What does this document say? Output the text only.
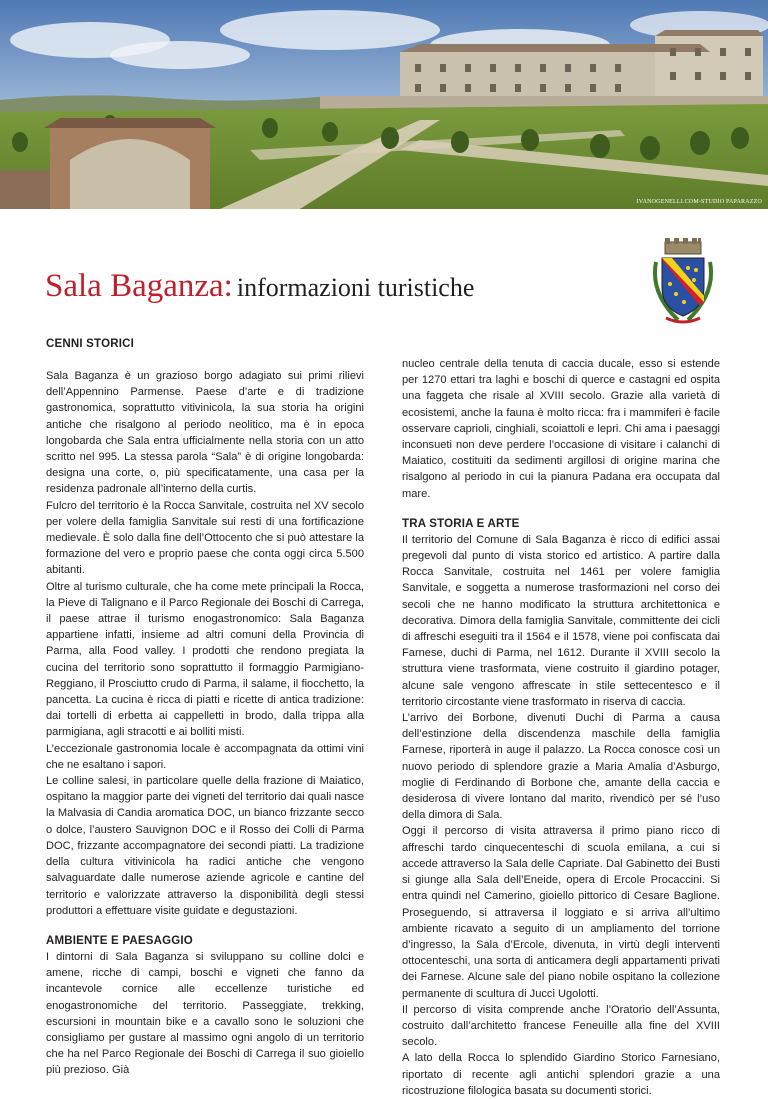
IVANOGENELLI.COM-STUDIO PAPARAZZO
Sala Baganza: informazioni turistiche
CENNI STORICI

Sala Baganza è un grazioso borgo adagiato sui primi rilievi dell’Appennino Parmense. Paese d’arte e di tradizione gastronomica, soprattutto vitivinicola, la sua storia ha origini antiche che risalgono al periodo neolitico, ma è in epoca longobarda che Sala entra ufficialmente nella storia con un atto scritto nel 995. La stessa parola “Sala” è di origine longobarda: designa una corte, o, più specificatamente, una casa per la residenza padronale all’interno della curtis.

Fulcro del territorio è la Rocca Sanvitale, costruita nel XV secolo per volere della famiglia Sanvitale sui resti di una fortificazione medievale. È solo dalla fine dell’Ottocento che si può attestare la formazione del vero e proprio paese che conta oggi circa 5.500 abitanti.

Oltre al turismo culturale, che ha come mete principali la Rocca, la Pieve di Talignano e il Parco Regionale dei Boschi di Carrega, il paese attrae il turismo enogastronomico: Sala Baganza appartiene infatti, insieme ad altri comuni della Provincia di Parma, alla Food valley. I prodotti che rendono pregiata la cucina del territorio sono soprattutto il formaggio Parmigiano-Reggiano, il Prosciutto crudo di Parma, il salame, il fiocchetto, la pancetta. La cucina è ricca di piatti e ricette di antica tradizione: dai tortelli di erbetta ai cappelletti in brodo, dalla trippa alla parmigiana, agli stracotti e ai bolliti misti.

L’eccezionale gastronomia locale è accompagnata da ottimi vini che ne esaltano i sapori.

Le colline salesi, in particolare quelle della frazione di Maiatico, ospitano la maggior parte dei vigneti del territorio dai quali nasce la Malvasia di Candia aromatica DOC, un bianco frizzante secco o dolce, l’austero Sauvignon DOC e il Rosso dei Colli di Parma DOC, frizzante accompagnatore dei secondi piatti. La tradizione della cultura vitivinicola ha radici antiche che vengono salvaguardate dalle numerose aziende agricole e cantine del territorio e valorizzate attraverso la disponibilità degli stessi produttori a effettuare visite guidate e degustazioni.

AMBIENTE E PAESAGGIO

I dintorni di Sala Baganza si sviluppano su colline dolci e amene, ricche di campi, boschi e vigneti che fanno da incantevole cornice alle eccellenze turistiche ed enogastronomiche del territorio. Passeggiate, trekking, escursioni in mountain bike e a cavallo sono le soluzioni che consigliamo per gustare al massimo ogni angolo di un territorio che ha nel Parco Regionale dei Boschi di Carrega il suo gioiello più prezioso. Già

nucleo centrale della tenuta di caccia ducale, esso si estende per 1270 ettari tra laghi e boschi di querce e castagni ed ospita una faggeta che risale al XVIII secolo. Grazie alla varietà di ecosistemi, anche la fauna è molto ricca: fra i mammiferi è facile osservare caprioli, cinghiali, scoiattoli e lepri. Chi ama i paesaggi inconsueti non deve perdere l’occasione di visitare i calanchi di Maiatico, costituiti da sedimenti argillosi di origine marina che risalgono al periodo in cui la pianura Padana era occupata dal mare.

TRA STORIA E ARTE

Il territorio del Comune di Sala Baganza è ricco di edifici assai pregevoli dal punto di vista storico ed artistico. A partire dalla Rocca Sanvitale, costruita nel 1461 per volere famiglia Sanvitale, e soggetta a numerose trasformazioni nel corso dei secoli che ne hanno modificato la struttura architettonica e decorativa. Dimora della famiglia Sanvitale, committente dei cicli di affreschi eseguiti tra il 1564 e il 1578, viene poi confiscata dai Farnese, duchi di Parma, nel 1612. Durante il XVIII secolo la struttura viene trasformata, viene costruito il giardino potager, alcune sale vengono affrescate in stile settecentesco e il territorio circostante viene trasformato in riserva di caccia.

L’arrivo dei Borbone, divenuti Duchi di Parma a causa dell’estinzione della discendenza maschile della famiglia Farnese, riporterà in auge il palazzo. La Rocca conosce così un nuovo periodo di splendore grazie a Maria Amalia d’Asburgo, moglie di Ferdinando di Borbone che, amante della caccia e desiderosa di vivere lontano dal marito, rivendicò per sé l’uso della dimora di Sala.

Oggi il percorso di visita attraversa il primo piano ricco di affreschi tardo cinquecenteschi di scuola emilana, a cui si accede attraverso la Sala delle Capriate. Dal Gabinetto dei Busti si giunge alla Sala dell’Eneide, opera di Ercole Procaccini. Si entra quindi nel Camerino, gioiello pittorico di Cesare Baglione. Proseguendo, si attraversa il loggiato e si arriva all’ultimo ambiente ricavato a seguito di un ampliamento del torrione d’ingresso, la Sala d’Ercole, divenuta, in virtù degli interventi ottocenteschi, una sorta di anticamera degli appartamenti privati dei Farnese. Alcune sale del piano nobile ospitano la collezione permanente di scultura di Jucci Ugolotti.

Il percorso di visita comprende anche l’Oratorio dell’Assunta, costruito dall’architetto francese Feneuille alla fine del XVIII secolo.

A lato della Rocca lo splendido Giardino Storico Farnesiano, riportato di recente agli antichi splendori grazie a una ricostruzione filologica basata su documenti storici.
